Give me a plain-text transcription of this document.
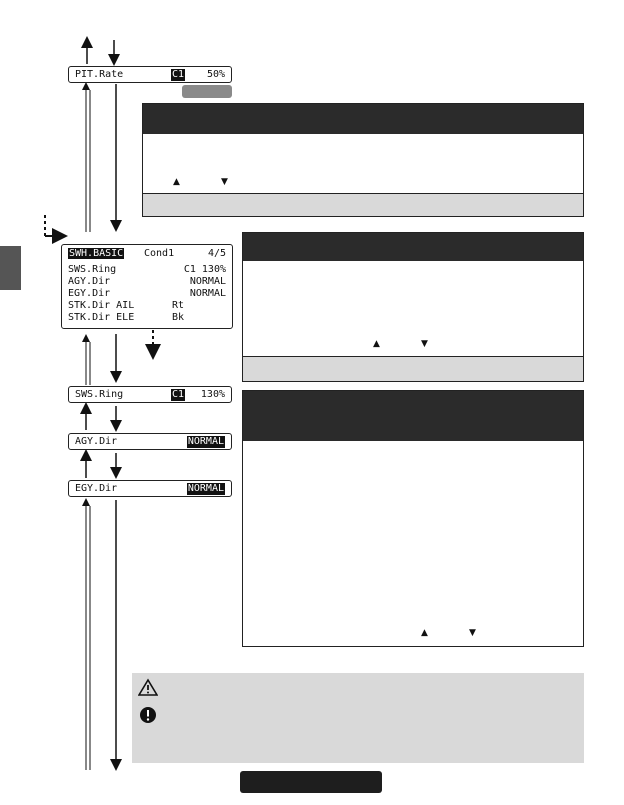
PIT.Rate	C1 50%
▲	▼
SWH.BASIC Cond1	4/5
SWS.Ring	C1 130%
AGY.Dir	NORMAL
EGY.Dir	NORMAL
STK.Dir AIL	Rt
STK.Dir ELE	Bk
▲	▼
SWS.Ring	C1 130%
AGY.Dir	NORMAL
EGY.Dir	NORMAL
▲	▼
